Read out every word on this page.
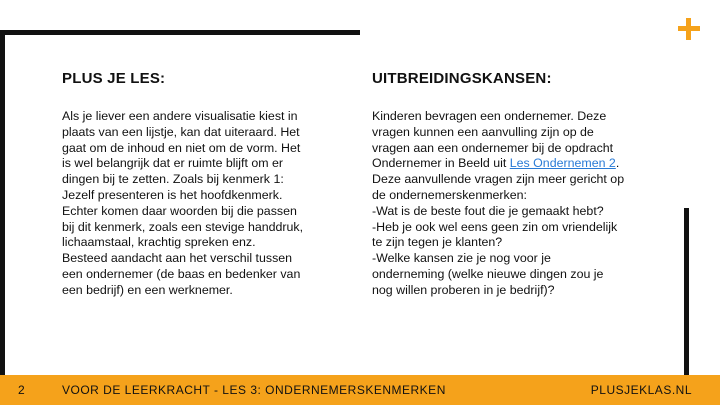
PLUS JE LES:
Als je liever een andere visualisatie kiest in
plaats van een lijstje, kan dat uiteraard. Het
gaat om de inhoud en niet om de vorm. Het
is wel belangrijk dat er ruimte blijft om er
dingen bij te zetten. Zoals bij kenmerk 1:
Jezelf presenteren is het hoofdkenmerk.
Echter komen daar woorden bij die passen
bij dit kenmerk, zoals een stevige handdruk,
lichaamstaal, krachtig spreken enz.
Besteed aandacht aan het verschil tussen
een ondernemer (de baas en bedenker van
een bedrijf) en een werknemer.
UITBREIDINGSKANSEN:
Kinderen bevragen een ondernemer. Deze
vragen kunnen een aanvulling zijn op de
vragen aan een ondernemer bij de opdracht
Ondernemer in Beeld uit Les Ondernemen 2.
Deze aanvullende vragen zijn meer gericht op
de ondernemerskenmerken:
-Wat is de beste fout die je gemaakt hebt?
-Heb je ook wel eens geen zin om vriendelijk
te zijn tegen je klanten?
-Welke kansen zie je nog voor je
onderneming (welke nieuwe dingen zou je
nog willen proberen in je bedrijf)?
2	VOOR DE LEERKRACHT - LES 3: ONDERNEMERSKENMERKEN	PLUSJEKLAS.NL
